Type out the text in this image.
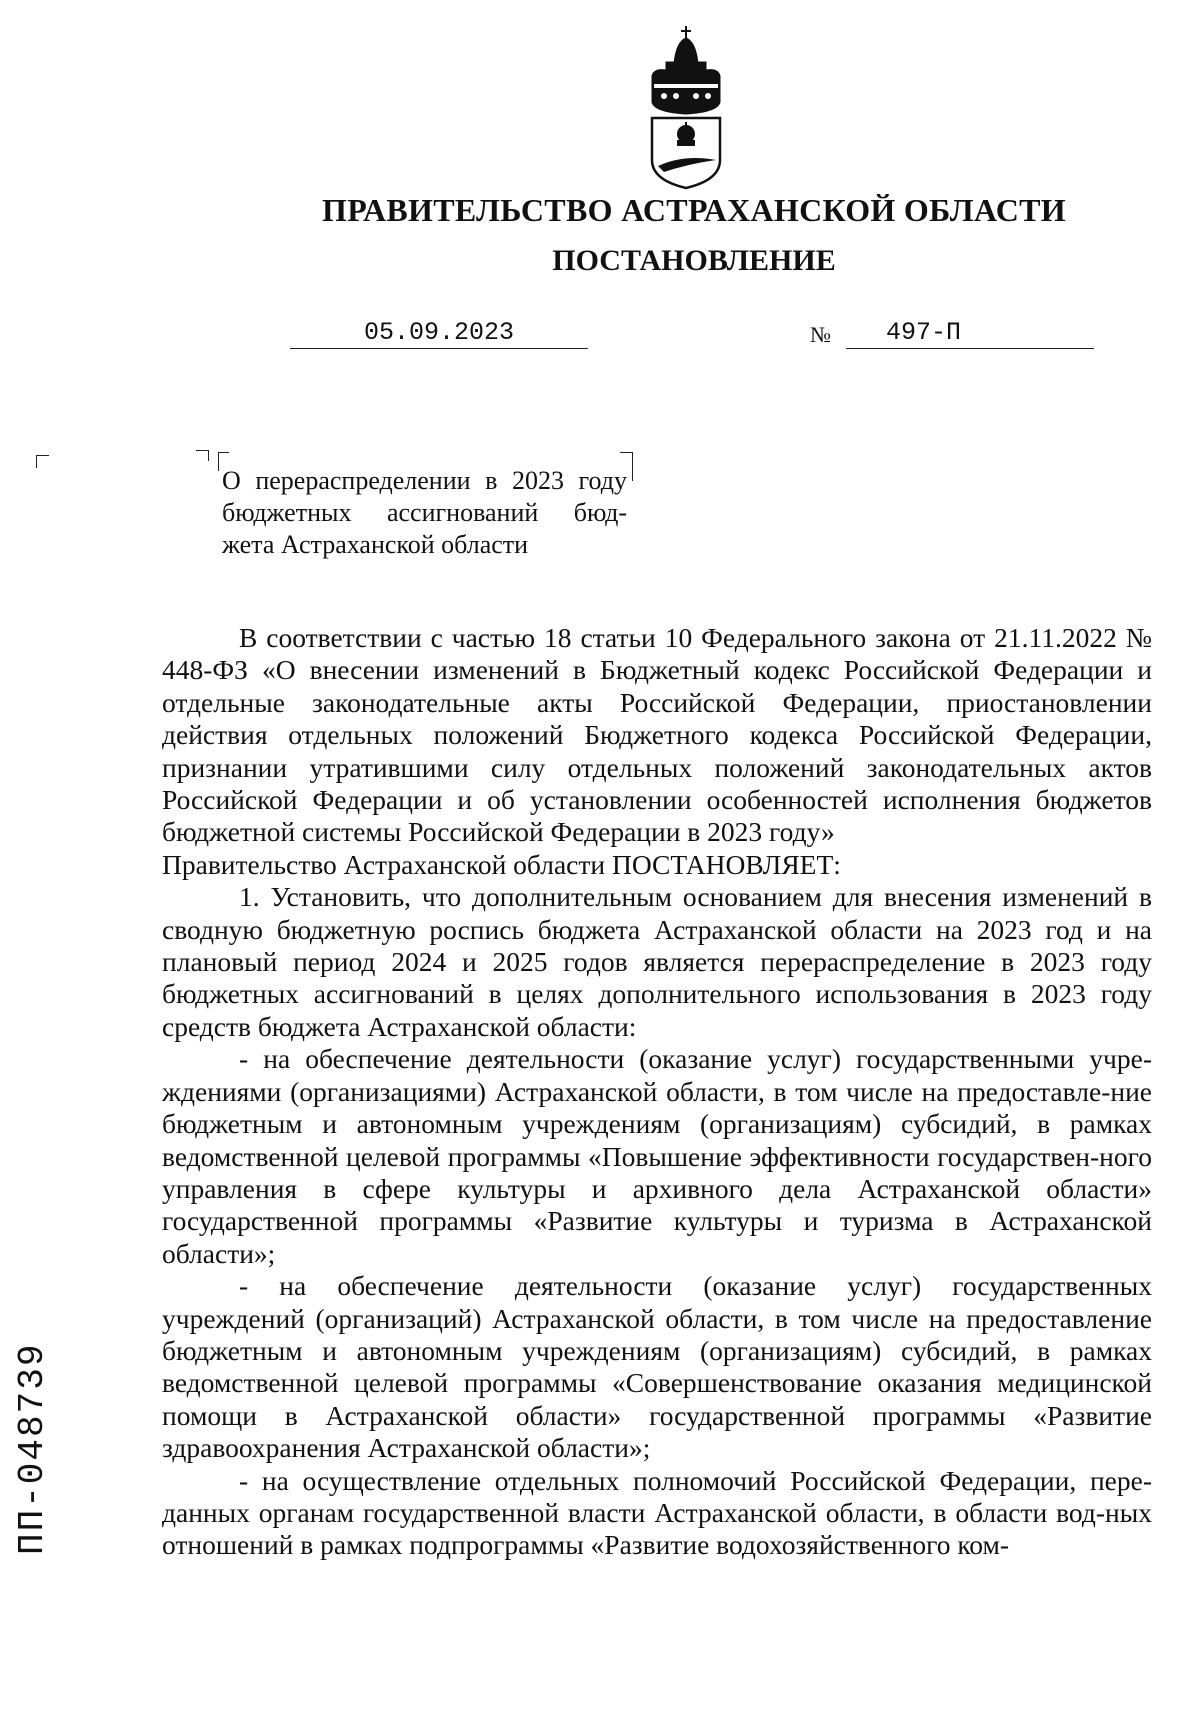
ПРАВИТЕЛЬСТВО АСТРАХАНСКОЙ ОБЛАСТИ
ПОСТАНОВЛЕНИЕ
05.09.2023	№	497-П
О перераспределении в 2023 году
бюджетных ассигнований бюд-
жета Астраханской области

В соответствии с частью 18 статьи 10 Федерального закона от 21.11.2022 № 448-ФЗ «О внесении изменений в Бюджетный кодекс Российской Федерации и отдельные законодательные акты Российской Федерации, приостановлении действия отдельных положений Бюджетного кодекса Российской Федерации, признании утратившими силу отдельных положений законодательных актов Российской Федерации и об установлении особенностей исполнения бюджетов бюджетной системы Российской Федерации в 2023 году»

Правительство Астраханской области ПОСТАНОВЛЯЕТ:

1. Установить, что дополнительным основанием для внесения изменений в сводную бюджетную роспись бюджета Астраханской области на 2023 год и на плановый период 2024 и 2025 годов является перераспределение в 2023 году бюджетных ассигнований в целях дополнительного использования в 2023 году средств бюджета Астраханской области:

- на обеспечение деятельности (оказание услуг) государственными учре-ждениями (организациями) Астраханской области, в том числе на предоставле-ние бюджетным и автономным учреждениям (организациям) субсидий, в рамках ведомственной целевой программы «Повышение эффективности государствен-ного управления в сфере культуры и архивного дела Астраханской области» государственной программы «Развитие культуры и туризма в Астраханской области»;

- на обеспечение деятельности (оказание услуг) государственных учреждений (организаций) Астраханской области, в том числе на предоставление бюджетным и автономным учреждениям (организациям) субсидий, в рамках ведомственной целевой программы «Совершенствование оказания медицинской помощи в Астраханской области» государственной программы «Развитие здравоохранения Астраханской области»;

- на осуществление отдельных полномочий Российской Федерации, пере-данных органам государственной власти Астраханской области, в области вод-ных отношений в рамках подпрограммы «Развитие водохозяйственного ком-

ПП-048739
